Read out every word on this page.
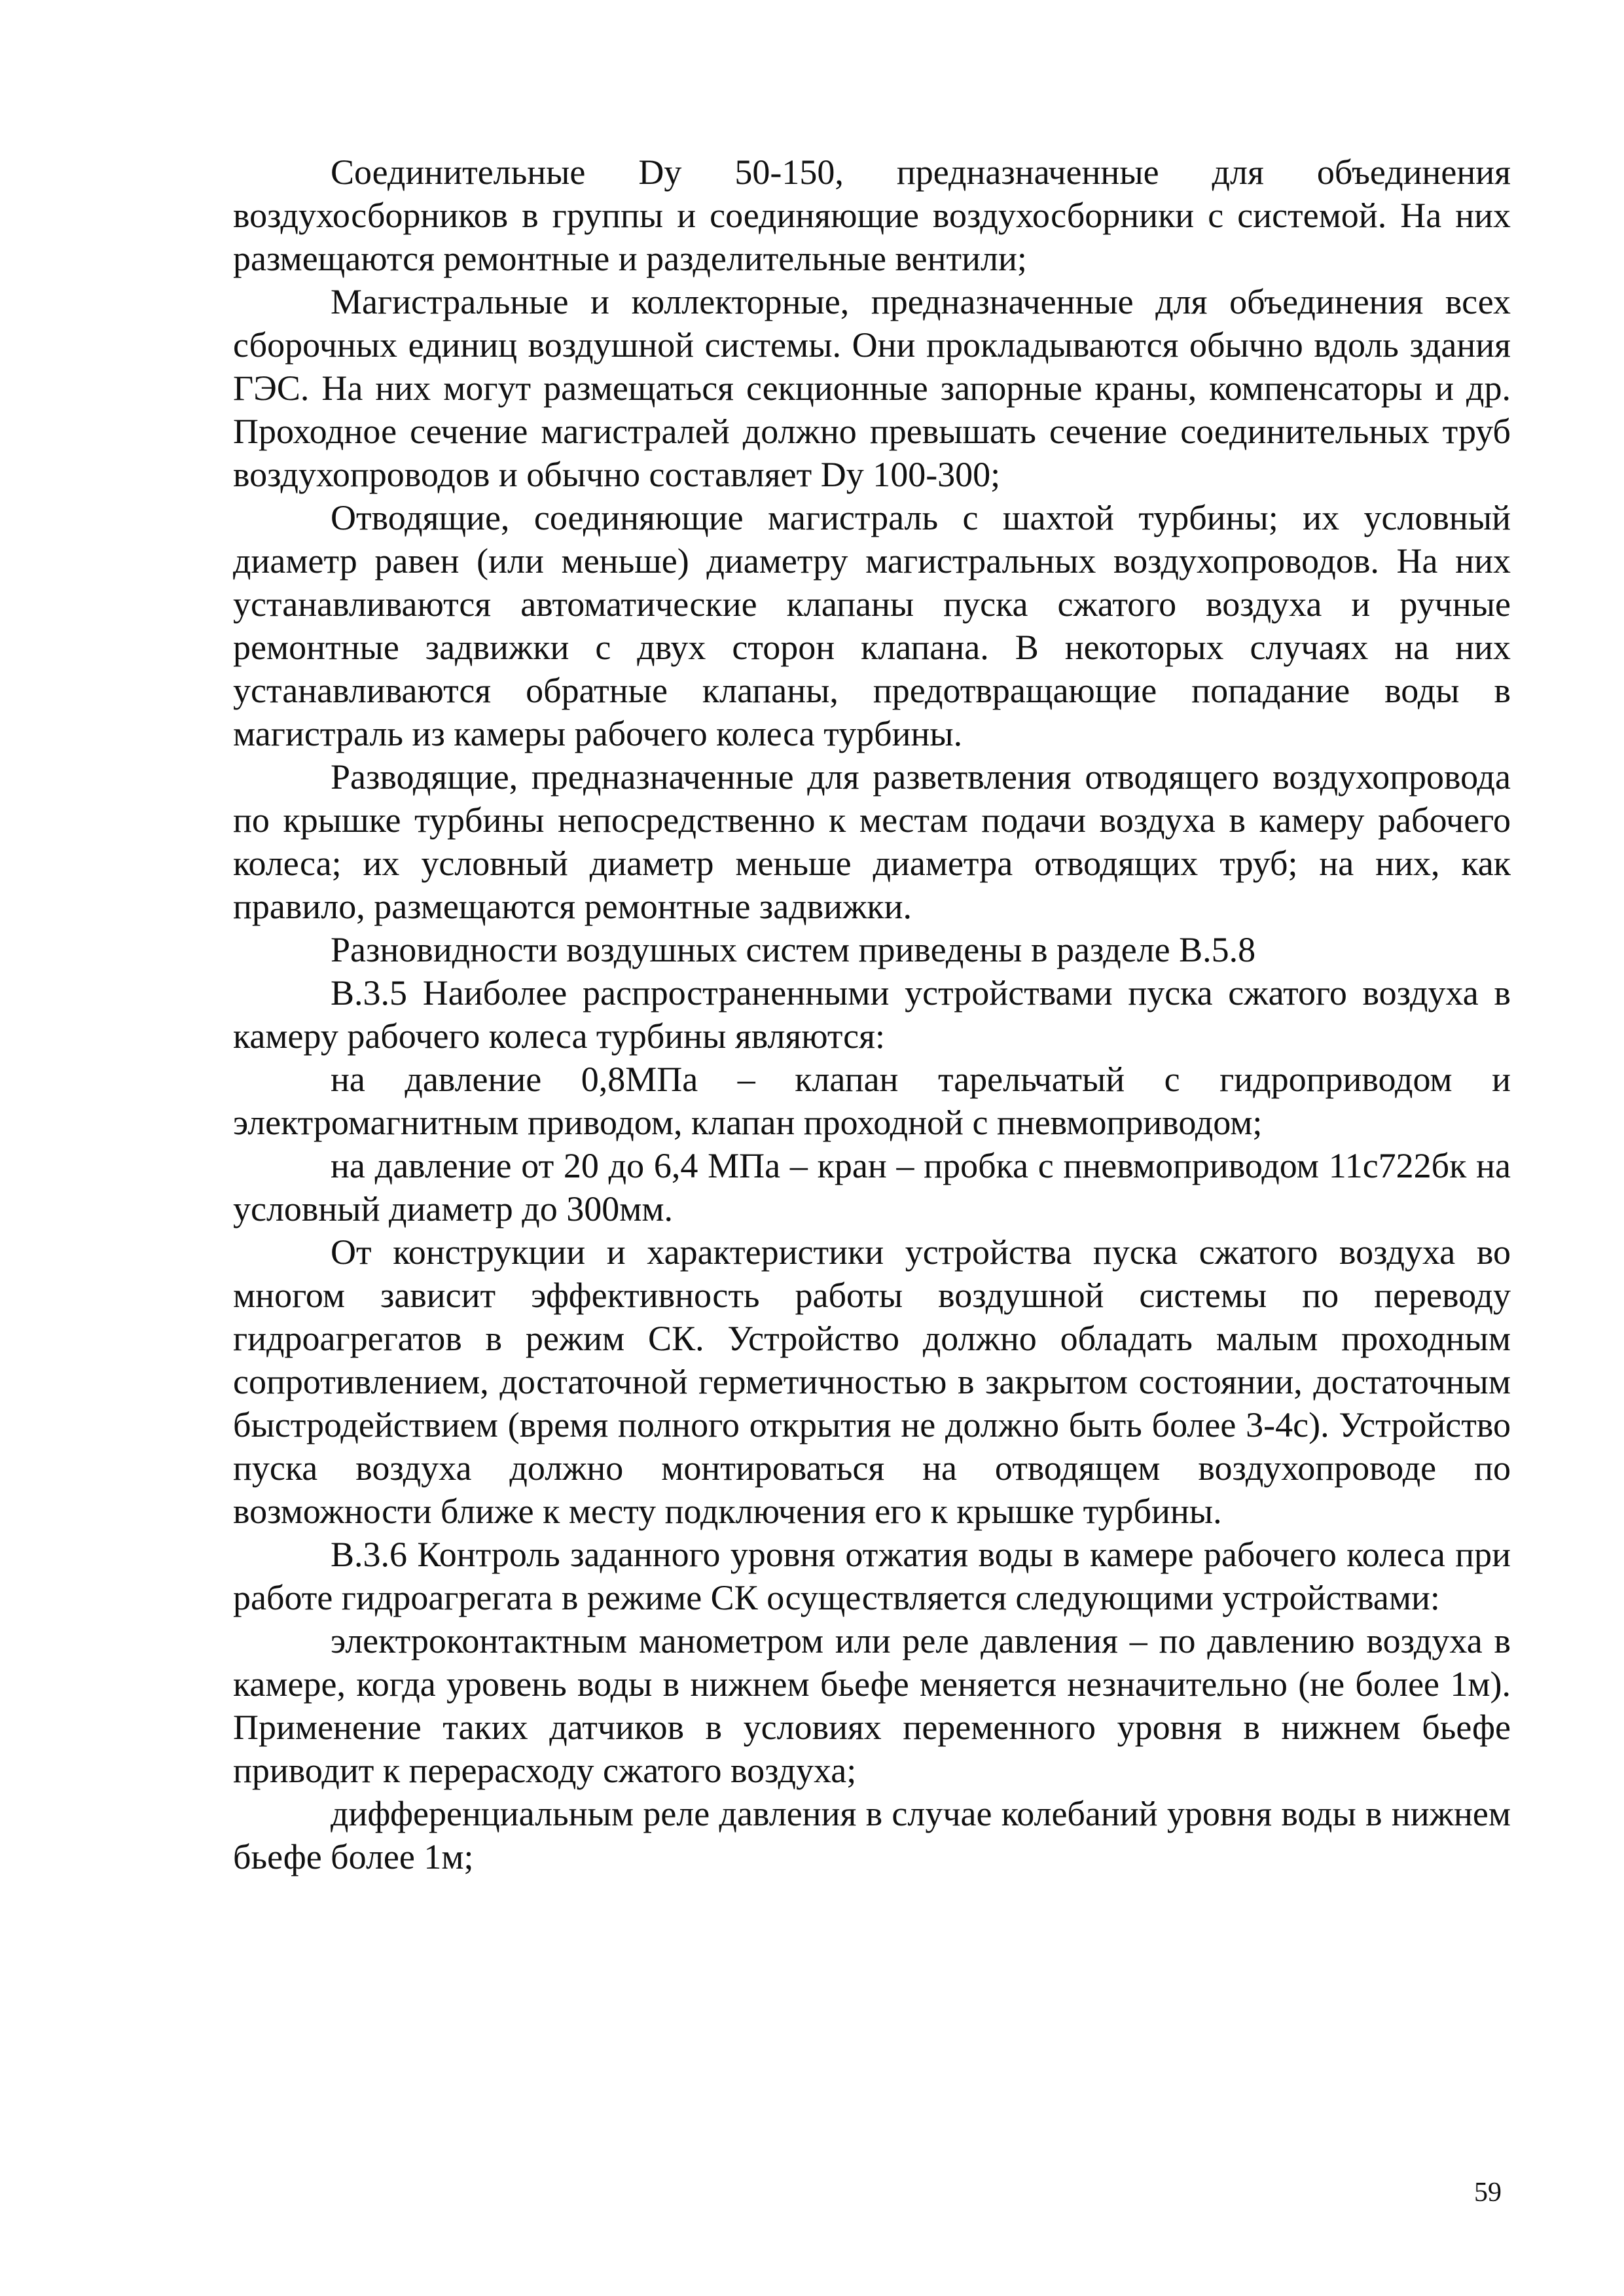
Соединительные Dy 50-150, предназначенные для объединения воздухосборников в группы и соединяющие воздухосборники с системой. На них размещаются ремонтные и разделительные вентили;

Магистральные и коллекторные, предназначенные для объединения всех сборочных единиц воздушной системы. Они прокладываются обычно вдоль здания ГЭС. На них могут размещаться секционные запорные краны, компенсаторы и др. Проходное сечение магистралей должно превышать сечение соединительных труб воздухопроводов и обычно составляет Dy 100-300;

Отводящие, соединяющие магистраль с шахтой турбины; их условный диаметр равен (или меньше) диаметру магистральных воздухопроводов. На них устанавливаются автоматические клапаны пуска сжатого воздуха и ручные ремонтные задвижки с двух сторон клапана. В некоторых случаях на них устанавливаются обратные клапаны, предотвращающие попадание воды в магистраль из камеры рабочего колеса турбины.

Разводящие, предназначенные для разветвления отводящего воздухопровода по крышке турбины непосредственно к местам подачи воздуха в камеру рабочего колеса; их условный диаметр меньше диаметра отводящих труб; на них, как правило, размещаются ремонтные задвижки.

Разновидности воздушных систем приведены в разделе В.5.8

В.3.5 Наиболее распространенными устройствами пуска сжатого воздуха в камеру рабочего колеса турбины являются:

на давление 0,8МПа – клапан тарельчатый с гидроприводом и электромагнитным приводом, клапан проходной с пневмоприводом;

на давление от 20 до 6,4 МПа – кран – пробка с пневмоприводом 11с722бк на условный диаметр до 300мм.

От конструкции и характеристики устройства пуска сжатого воздуха во многом зависит эффективность работы воздушной системы по переводу гидроагрегатов в режим СК. Устройство должно обладать малым проходным сопротивлением, достаточной герметичностью в закрытом состоянии, достаточным быстродействием (время полного открытия не должно быть более 3-4с). Устройство пуска воздуха должно монтироваться на отводящем воздухопроводе по возможности ближе к месту подключения его к крышке турбины.

В.3.6 Контроль заданного уровня отжатия воды в камере рабочего колеса при работе гидроагрегата в режиме СК осуществляется следующими устройствами:

электроконтактным манометром или реле давления – по давлению воздуха в камере, когда уровень воды в нижнем бьефе меняется незначительно (не более 1м). Применение таких датчиков в условиях переменного уровня в нижнем бьефе приводит к перерасходу сжатого воздуха;

дифференциальным реле давления в случае колебаний уровня воды в нижнем бьефе более 1м;

59
